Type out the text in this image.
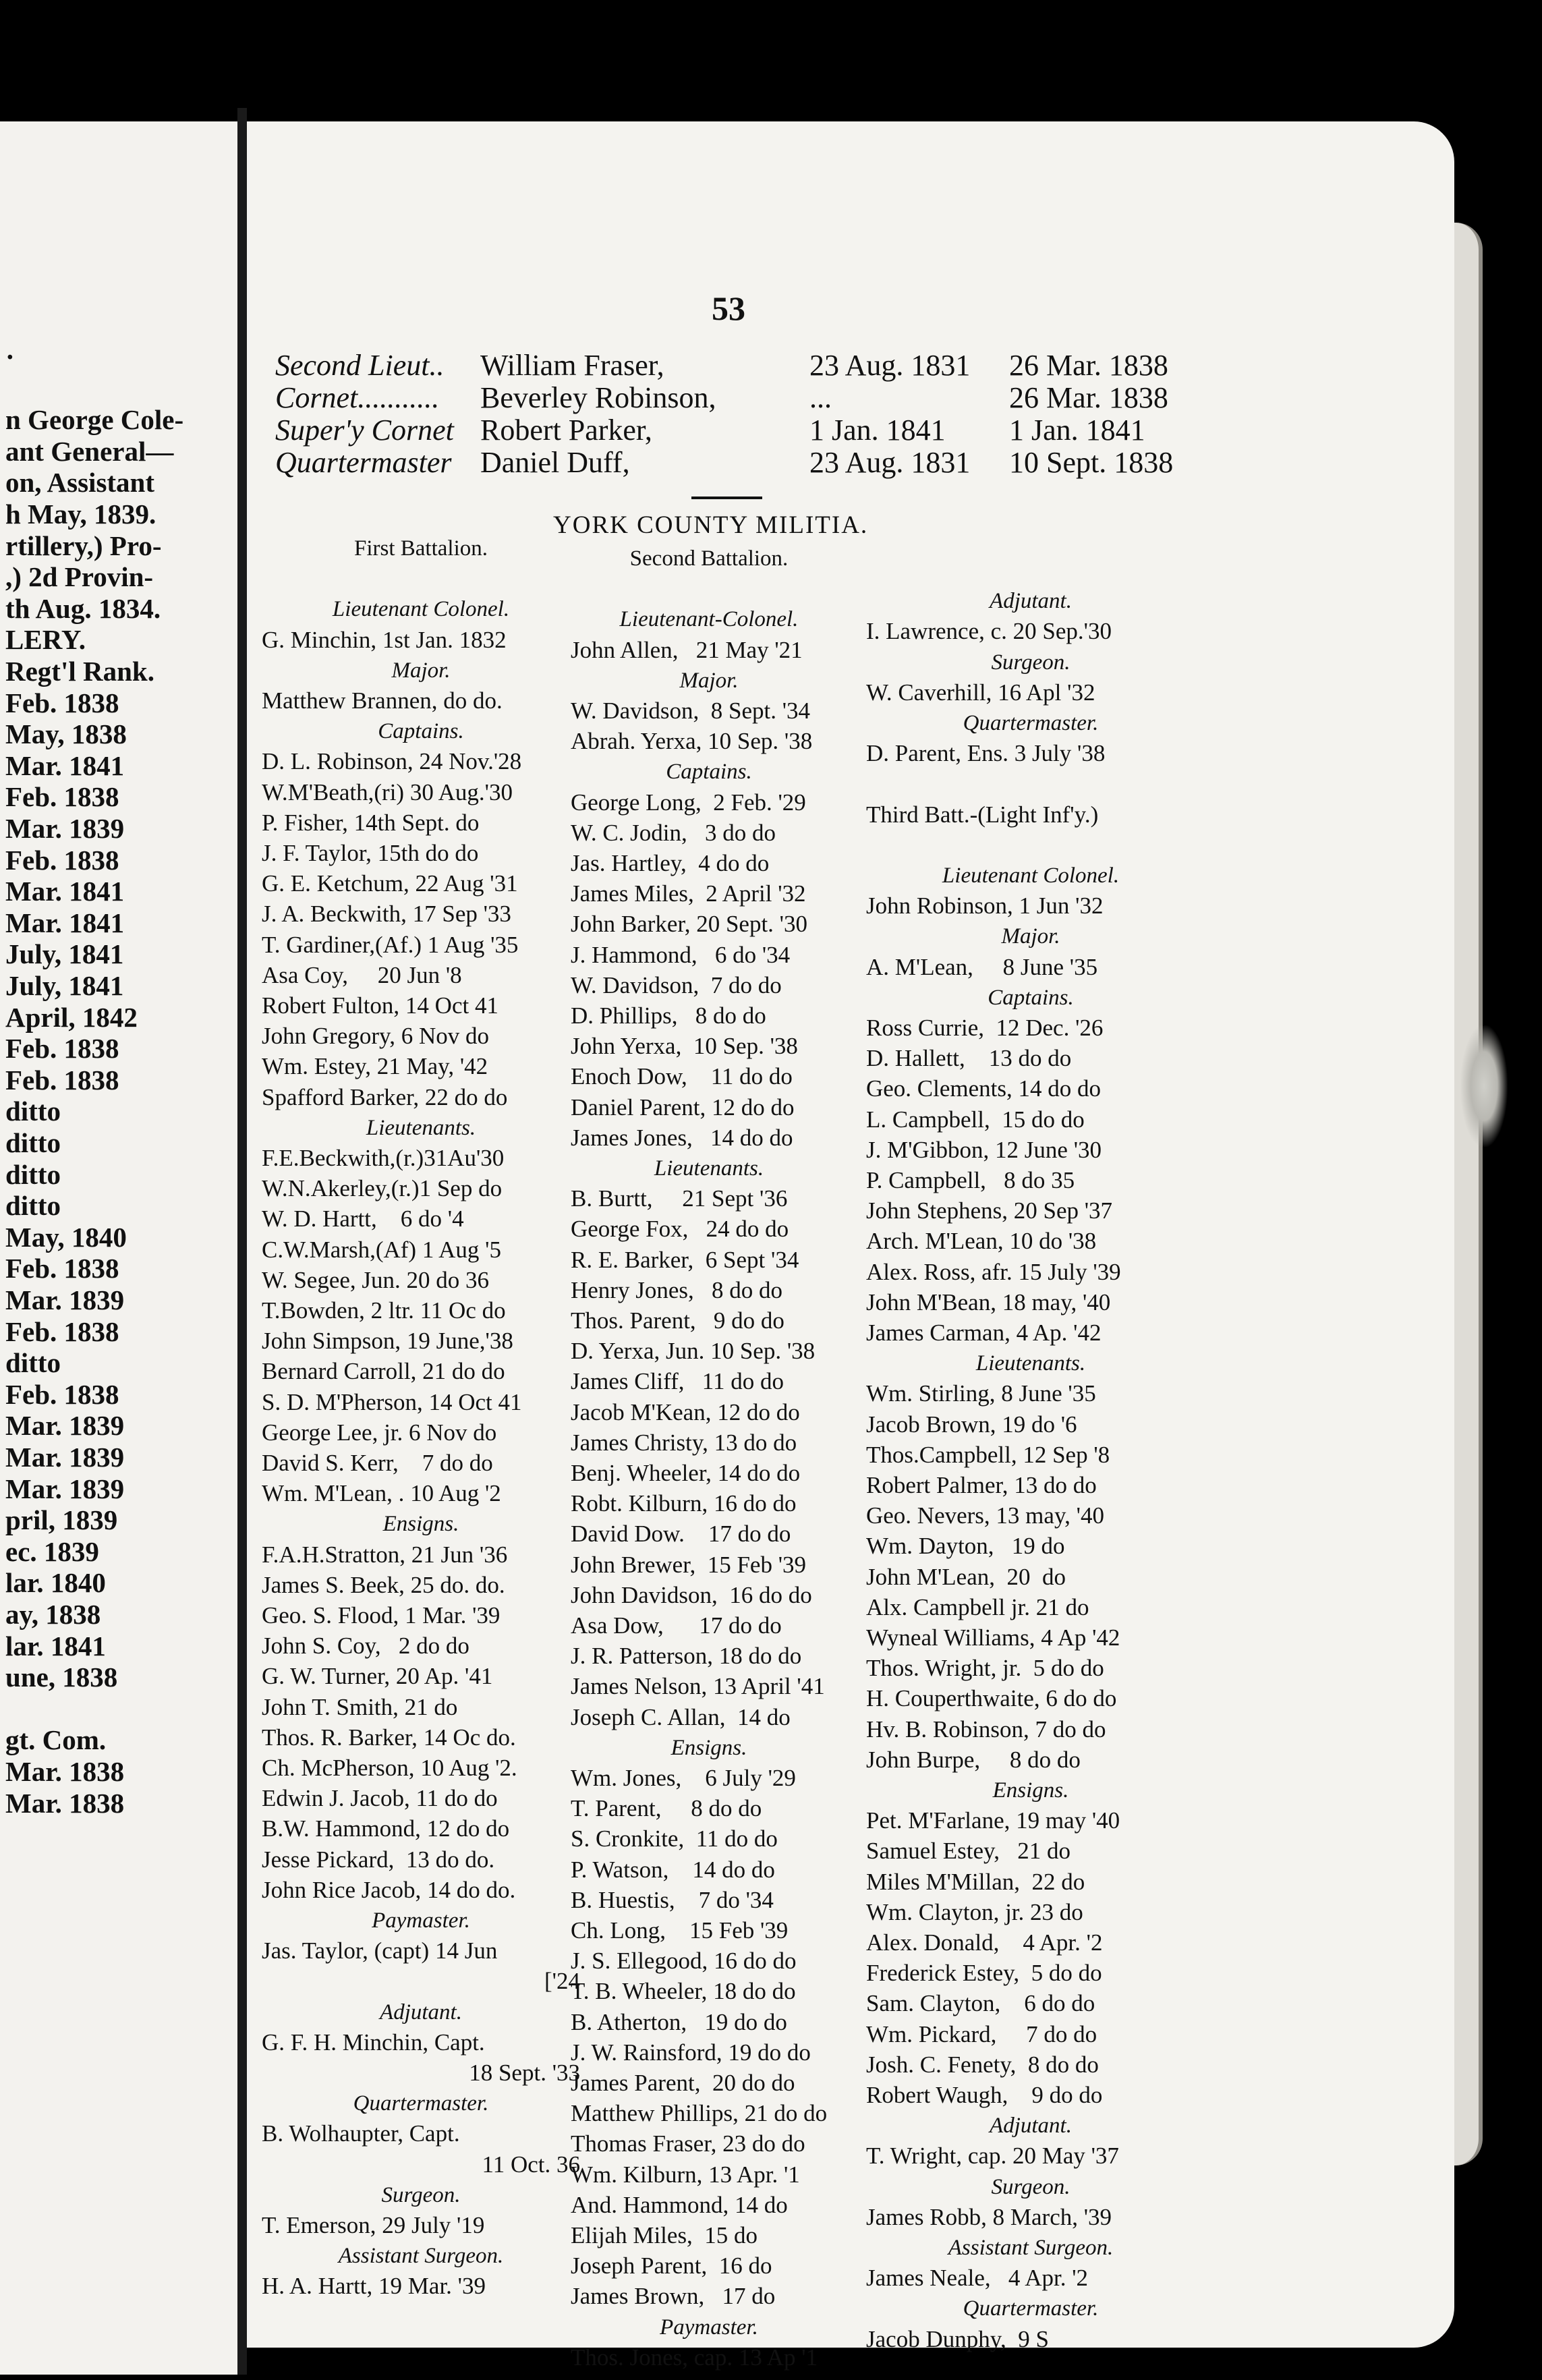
·
n George Cole-
ant General—
on, Assistant
h May, 1839.
rtillery,) Pro-
,) 2d Provin-
th Aug. 1834.
LERY.
Regt'l Rank.
Feb. 1838
May, 1838
Mar. 1841
Feb. 1838
Mar. 1839
Feb. 1838
Mar. 1841
Mar. 1841
July, 1841
July, 1841
April, 1842
Feb. 1838
Feb. 1838
ditto
ditto
ditto
ditto
May, 1840
Feb. 1838
Mar. 1839
Feb. 1838
ditto
Feb. 1838
Mar. 1839
Mar. 1839
Mar. 1839
pril, 1839
ec. 1839
lar. 1840
ay, 1838
lar. 1841
une, 1838
gt. Com.
Mar. 1838
Mar. 1838
53
Second Lieut.. William Fraser,	23 Aug. 1831 26 Mar. 1838
Cornet........... Beverley Robinson,	...	26 Mar. 1838
Super'y Cornet Robert Parker,	1 Jan. 1841 1 Jan. 1841
Quartermaster Daniel Duff,	23 Aug. 1831 10 Sept. 1838
YORK COUNTY MILITIA.
First Battalion.
Lieutenant Colonel.
G. Minchin, 1st Jan. 1832
Major.
Matthew Brannen, do do.
Captains.
D. L. Robinson, 24 Nov.'28
W.M'Beath,(ri) 30 Aug.'30
P. Fisher, 14th Sept. do
J. F. Taylor, 15th do do
G. E. Ketchum, 22 Aug '31
J. A. Beckwith, 17 Sep '33
T. Gardiner,(Af.) 1 Aug '35
Asa Coy,     20 Jun '8
Robert Fulton, 14 Oct 41
John Gregory, 6 Nov do
Wm. Estey, 21 May, '42
Spafford Barker, 22 do do
Lieutenants.
F.E.Beckwith,(r.)31Au'30
W.N.Akerley,(r.)1 Sep do
W. D. Hartt,    6 do '4
C.W.Marsh,(Af) 1 Aug '5
W. Segee, Jun. 20 do 36
T.Bowden, 2 ltr. 11 Oc do
John Simpson, 19 June,'38
Bernard Carroll, 21 do do
S. D. M'Pherson, 14 Oct 41
George Lee, jr. 6 Nov do
David S. Kerr,    7 do do
Wm. M'Lean, . 10 Aug '2
Ensigns.
F.A.H.Stratton, 21 Jun '36
James S. Beek, 25 do. do.
Geo. S. Flood, 1 Mar. '39
John S. Coy,   2 do do
G. W. Turner, 20 Ap. '41
John T. Smith, 21 do
Thos. R. Barker, 14 Oc do.
Ch. McPherson, 10 Aug '2.
Edwin J. Jacob, 11 do do
B.W. Hammond, 12 do do
Jesse Pickard,  13 do do.
John Rice Jacob, 14 do do.
Paymaster.
Jas. Taylor, (capt) 14 Jun
['24
Adjutant.
G. F. H. Minchin, Capt.
18 Sept. '33
Quartermaster.
B. Wolhaupter, Capt.
11 Oct. 36
Surgeon.
T. Emerson, 29 July '19
Assistant Surgeon.
H. A. Hartt, 19 Mar. '39
Second Battalion.
Lieutenant-Colonel.
John Allen,   21 May '21
Major.
W. Davidson,  8 Sept. '34
Abrah. Yerxa, 10 Sep. '38
Captains.
George Long,  2 Feb. '29
W. C. Jodin,   3 do do
Jas. Hartley,  4 do do
James Miles,  2 April '32
John Barker, 20 Sept. '30
J. Hammond,   6 do '34
W. Davidson,  7 do do
D. Phillips,   8 do do
John Yerxa,  10 Sep. '38
Enoch Dow,    11 do do
Daniel Parent, 12 do do
James Jones,   14 do do
Lieutenants.
B. Burtt,     21 Sept '36
George Fox,   24 do do
R. E. Barker,  6 Sept '34
Henry Jones,   8 do do
Thos. Parent,   9 do do
D. Yerxa, Jun. 10 Sep. '38
James Cliff,   11 do do
Jacob M'Kean, 12 do do
James Christy, 13 do do
Benj. Wheeler, 14 do do
Robt. Kilburn, 16 do do
David Dow.    17 do do
John Brewer,  15 Feb '39
John Davidson,  16 do do
Asa Dow,      17 do do
J. R. Patterson, 18 do do
James Nelson, 13 April '41
Joseph C. Allan,  14 do
Ensigns.
Wm. Jones,    6 July '29
T. Parent,     8 do do
S. Cronkite,  11 do do
P. Watson,    14 do do
B. Huestis,    7 do '34
Ch. Long,    15 Feb '39
J. S. Ellegood, 16 do do
T. B. Wheeler, 18 do do
B. Atherton,   19 do do
J. W. Rainsford, 19 do do
James Parent,  20 do do
Matthew Phillips, 21 do do
Thomas Fraser, 23 do do
Wm. Kilburn, 13 Apr. '1
And. Hammond, 14 do
Elijah Miles,  15 do
Joseph Parent,  16 do
James Brown,   17 do
Paymaster.
Thos. Jones, cap. 13 Ap '1
Adjutant.
I. Lawrence, c. 20 Sep.'30
Surgeon.
W. Caverhill, 16 Apl '32
Quartermaster.
D. Parent, Ens. 3 July '38
Third Batt.-(Light Inf'y.)
Lieutenant Colonel.
John Robinson, 1 Jun '32
Major.
A. M'Lean,     8 June '35
Captains.
Ross Currie,  12 Dec. '26
D. Hallett,    13 do do
Geo. Clements, 14 do do
L. Campbell,  15 do do
J. M'Gibbon, 12 June '30
P. Campbell,   8 do 35
John Stephens, 20 Sep '37
Arch. M'Lean, 10 do '38
Alex. Ross, afr. 15 July '39
John M'Bean, 18 may, '40
James Carman, 4 Ap. '42
Lieutenants.
Wm. Stirling, 8 June '35
Jacob Brown, 19 do '6
Thos.Campbell, 12 Sep '8
Robert Palmer, 13 do do
Geo. Nevers, 13 may, '40
Wm. Dayton,   19 do
John M'Lean,  20  do
Alx. Campbell jr. 21 do
Wyneal Williams, 4 Ap '42
Thos. Wright, jr.  5 do do
H. Couperthwaite, 6 do do
Hv. B. Robinson, 7 do do
John Burpe,     8 do do
Ensigns.
Pet. M'Farlane, 19 may '40
Samuel Estey,   21 do
Miles M'Millan,  22 do
Wm. Clayton, jr. 23 do
Alex. Donald,    4 Apr. '2
Frederick Estey,  5 do do
Sam. Clayton,    6 do do
Wm. Pickard,     7 do do
Josh. C. Fenety,  8 do do
Robert Waugh,    9 do do
Adjutant.
T. Wright, cap. 20 May '37
Surgeon.
James Robb, 8 March, '39
Assistant Surgeon.
James Neale,   4 Apr. '2
Quartermaster.
Jacob Dunphy,  9 S
